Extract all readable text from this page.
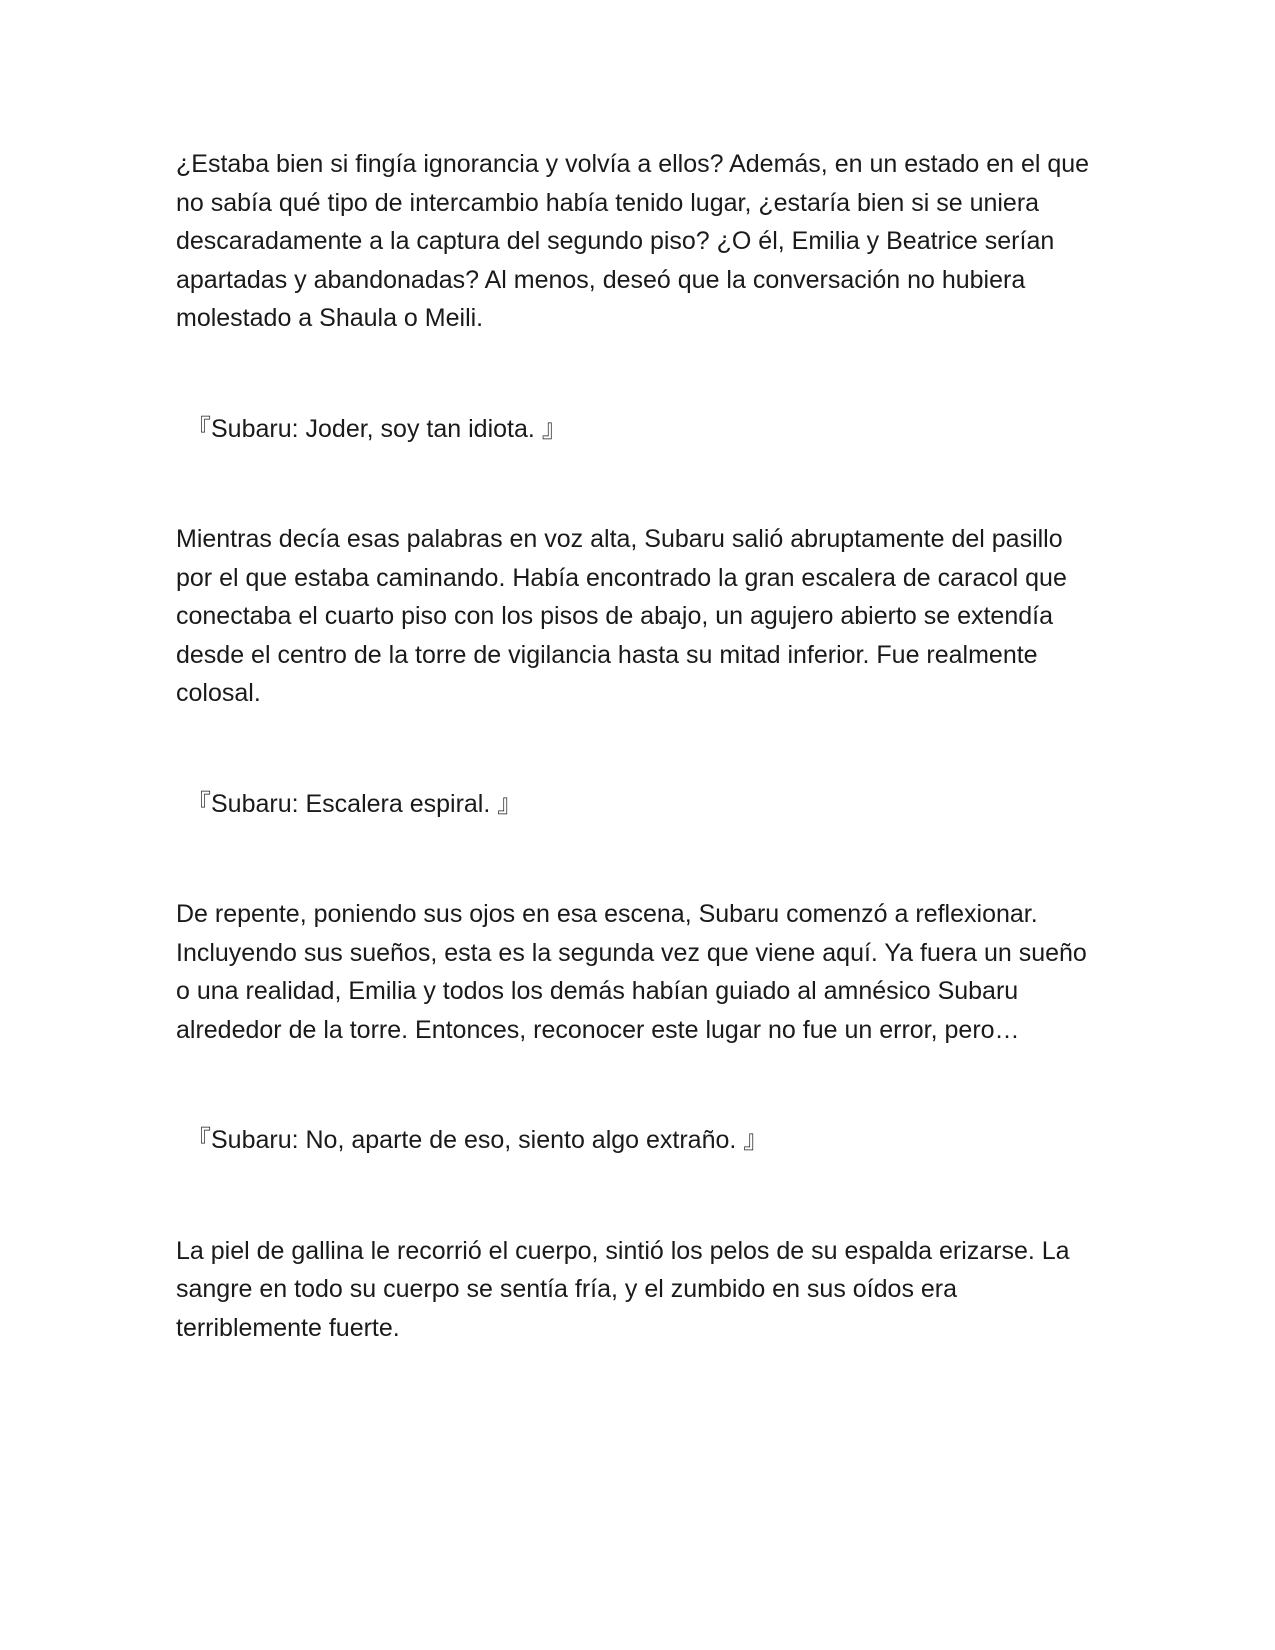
¿Estaba bien si fingía ignorancia y volvía a ellos? Además, en un estado en el que no sabía qué tipo de intercambio había tenido lugar, ¿estaría bien si se uniera descaradamente a la captura del segundo piso? ¿O él, Emilia y Beatrice serían apartadas y abandonadas? Al menos, deseó que la conversación no hubiera molestado a Shaula o Meili.

『Subaru: Joder, soy tan idiota. 』

Mientras decía esas palabras en voz alta, Subaru salió abruptamente del pasillo por el que estaba caminando. Había encontrado la gran escalera de caracol que conectaba el cuarto piso con los pisos de abajo, un agujero abierto se extendía desde el centro de la torre de vigilancia hasta su mitad inferior. Fue realmente colosal.

『Subaru: Escalera espiral. 』

De repente, poniendo sus ojos en esa escena, Subaru comenzó a reflexionar. Incluyendo sus sueños, esta es la segunda vez que viene aquí. Ya fuera un sueño o una realidad, Emilia y todos los demás habían guiado al amnésico Subaru alrededor de la torre. Entonces, reconocer este lugar no fue un error, pero…

『Subaru: No, aparte de eso, siento algo extraño. 』

La piel de gallina le recorrió el cuerpo, sintió los pelos de su espalda erizarse. La sangre en todo su cuerpo se sentía fría, y el zumbido en sus oídos era terriblemente fuerte.
